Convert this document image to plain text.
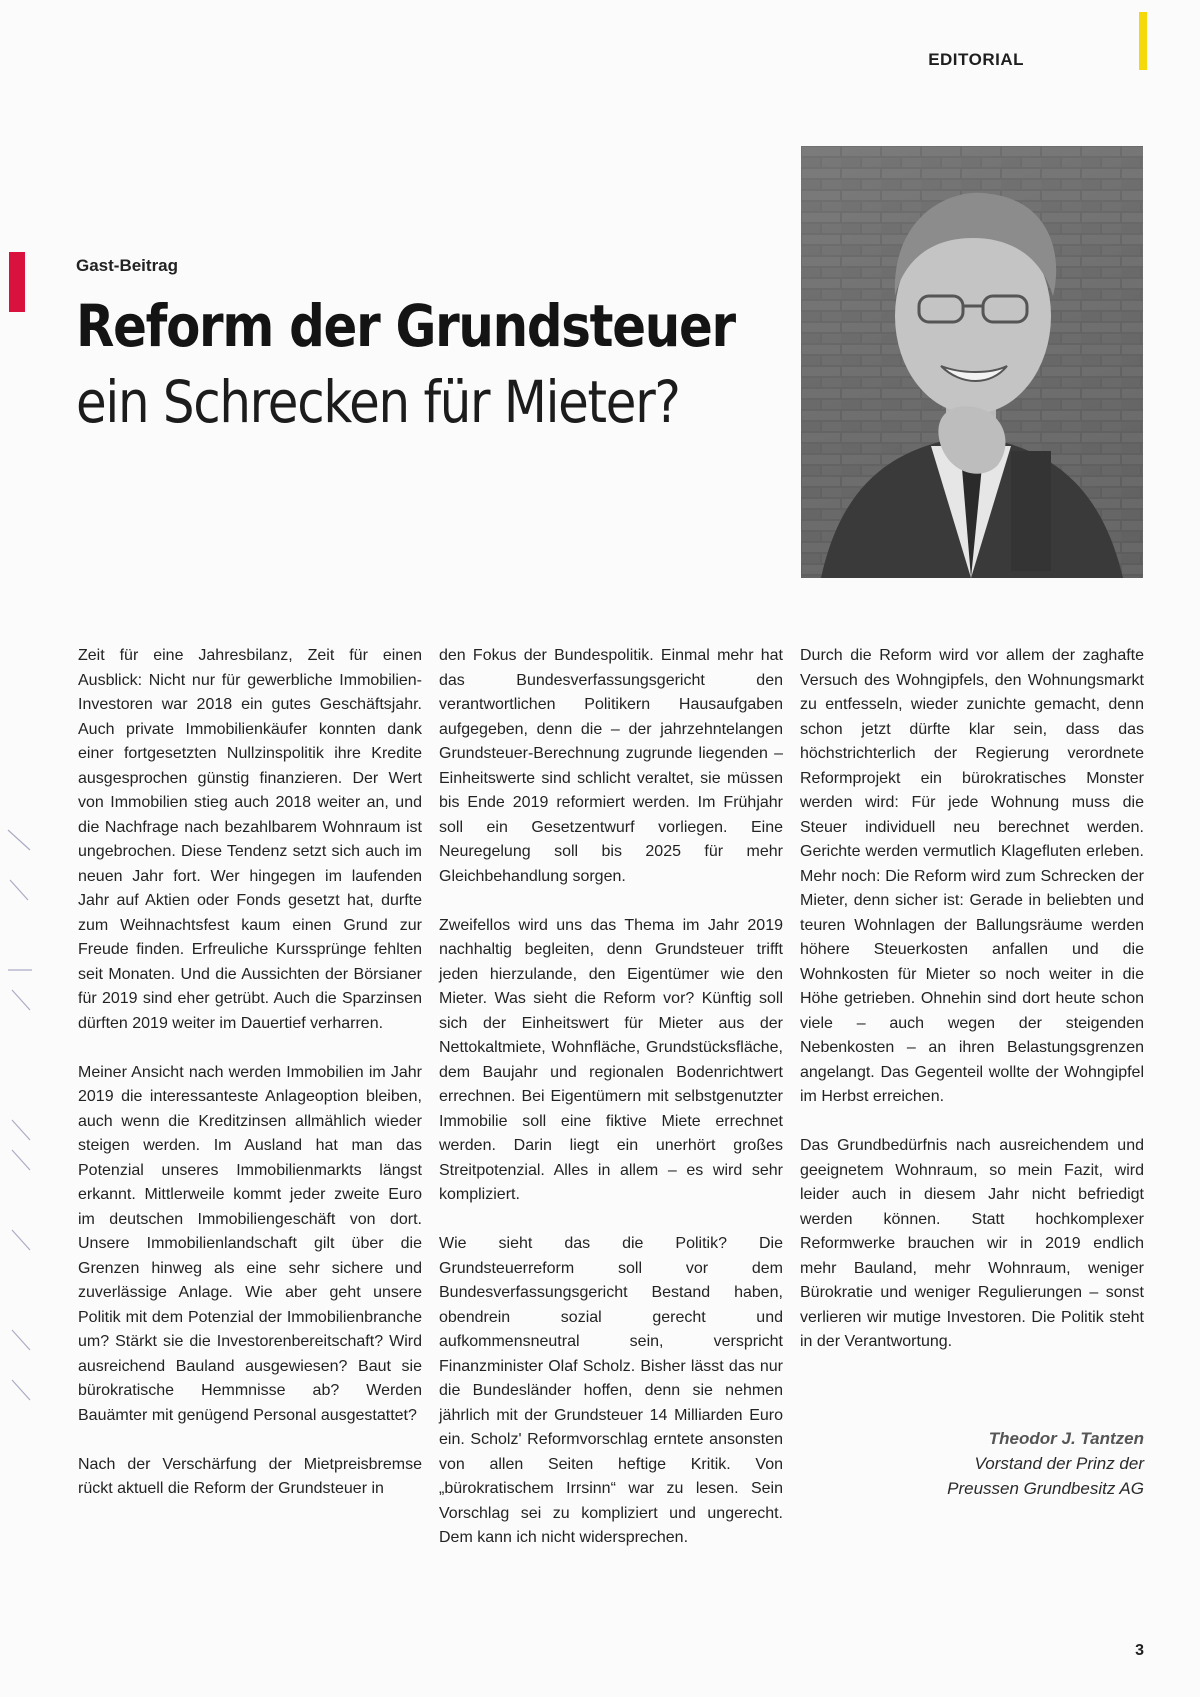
EDITORIAL
Gast-Beitrag
Reform der Grundsteuer
ein Schrecken für Mieter?

Zeit für eine Jahresbilanz, Zeit für einen Ausblick: Nicht nur für gewerbliche Immobilien-Investoren war 2018 ein gutes Geschäftsjahr. Auch private Immobilienkäufer konnten dank einer fortgesetzten Nullzinspolitik ihre Kredite ausgesprochen günstig finanzieren. Der Wert von Immobilien stieg auch 2018 weiter an, und die Nachfrage nach bezahlbarem Wohnraum ist ungebrochen. Diese Tendenz setzt sich auch im neuen Jahr fort. Wer hingegen im laufenden Jahr auf Aktien oder Fonds gesetzt hat, durfte zum Weihnachtsfest kaum einen Grund zur Freude finden. Erfreuliche Kurssprünge fehlten seit Monaten. Und die Aussichten der Börsianer für 2019 sind eher getrübt. Auch die Sparzinsen dürften 2019 weiter im Dauertief verharren.

Meiner Ansicht nach werden Immobilien im Jahr 2019 die interessanteste Anlageoption bleiben, auch wenn die Kreditzinsen allmählich wieder steigen werden. Im Ausland hat man das Potenzial unseres Immobilienmarkts längst erkannt. Mittlerweile kommt jeder zweite Euro im deutschen Immobiliengeschäft von dort. Unsere Immobilienlandschaft gilt über die Grenzen hinweg als eine sehr sichere und zuverlässige Anlage. Wie aber geht unsere Politik mit dem Potenzial der Immobilienbranche um? Stärkt sie die Investorenbereitschaft? Wird ausreichend Bauland ausgewiesen? Baut sie bürokratische Hemmnisse ab? Werden Bauämter mit genügend Personal ausgestattet?

Nach der Verschärfung der Mietpreisbremse rückt aktuell die Reform der Grundsteuer in

den Fokus der Bundespolitik. Einmal mehr hat das Bundesverfassungsgericht den verantwortlichen Politikern Hausaufgaben aufgegeben, denn die – der jahrzehntelangen Grundsteuer-Berechnung zugrunde liegenden – Einheitswerte sind schlicht veraltet, sie müssen bis Ende 2019 reformiert werden. Im Frühjahr soll ein Gesetzentwurf vorliegen. Eine Neuregelung soll bis 2025 für mehr Gleichbehandlung sorgen.

Zweifellos wird uns das Thema im Jahr 2019 nachhaltig begleiten, denn Grundsteuer trifft jeden hierzulande, den Eigentümer wie den Mieter. Was sieht die Reform vor? Künftig soll sich der Einheitswert für Mieter aus der Nettokaltmiete, Wohnfläche, Grundstücksfläche, dem Baujahr und regionalen Bodenrichtwert errechnen. Bei Eigentümern mit selbstgenutzter Immobilie soll eine fiktive Miete errechnet werden. Darin liegt ein unerhört großes Streitpotenzial. Alles in allem – es wird sehr kompliziert.

Wie sieht das die Politik? Die Grundsteuerreform soll vor dem Bundesverfassungsgericht Bestand haben, obendrein sozial gerecht und aufkommensneutral sein, verspricht Finanzminister Olaf Scholz. Bisher lässt das nur die Bundesländer hoffen, denn sie nehmen jährlich mit der Grundsteuer 14 Milliarden Euro ein. Scholz' Reformvorschlag erntete ansonsten von allen Seiten heftige Kritik. Von „bürokratischem Irrsinn“ war zu lesen. Sein Vorschlag sei zu kompliziert und ungerecht. Dem kann ich nicht widersprechen.

Durch die Reform wird vor allem der zaghafte Versuch des Wohngipfels, den Wohnungsmarkt zu entfesseln, wieder zunichte gemacht, denn schon jetzt dürfte klar sein, dass das höchstrichterlich der Regierung verordnete Reformprojekt ein bürokratisches Monster werden wird: Für jede Wohnung muss die Steuer individuell neu berechnet werden. Gerichte werden vermutlich Klagefluten erleben. Mehr noch: Die Reform wird zum Schrecken der Mieter, denn sicher ist: Gerade in beliebten und teuren Wohnlagen der Ballungsräume werden höhere Steuerkosten anfallen und die Wohnkosten für Mieter so noch weiter in die Höhe getrieben. Ohnehin sind dort heute schon viele – auch wegen der steigenden Nebenkosten – an ihren Belastungsgrenzen angelangt. Das Gegenteil wollte der Wohngipfel im Herbst erreichen.

Das Grundbedürfnis nach ausreichendem und geeignetem Wohnraum, so mein Fazit, wird leider auch in diesem Jahr nicht befriedigt werden können. Statt hochkomplexer Reformwerke brauchen wir in 2019 endlich mehr Bauland, mehr Wohnraum, weniger Bürokratie und weniger Regulierungen – sonst verlieren wir mutige Investoren. Die Politik steht in der Verantwortung.

Theodor J. Tantzen
Vorstand der Prinz der
Preussen Grundbesitz AG
3
